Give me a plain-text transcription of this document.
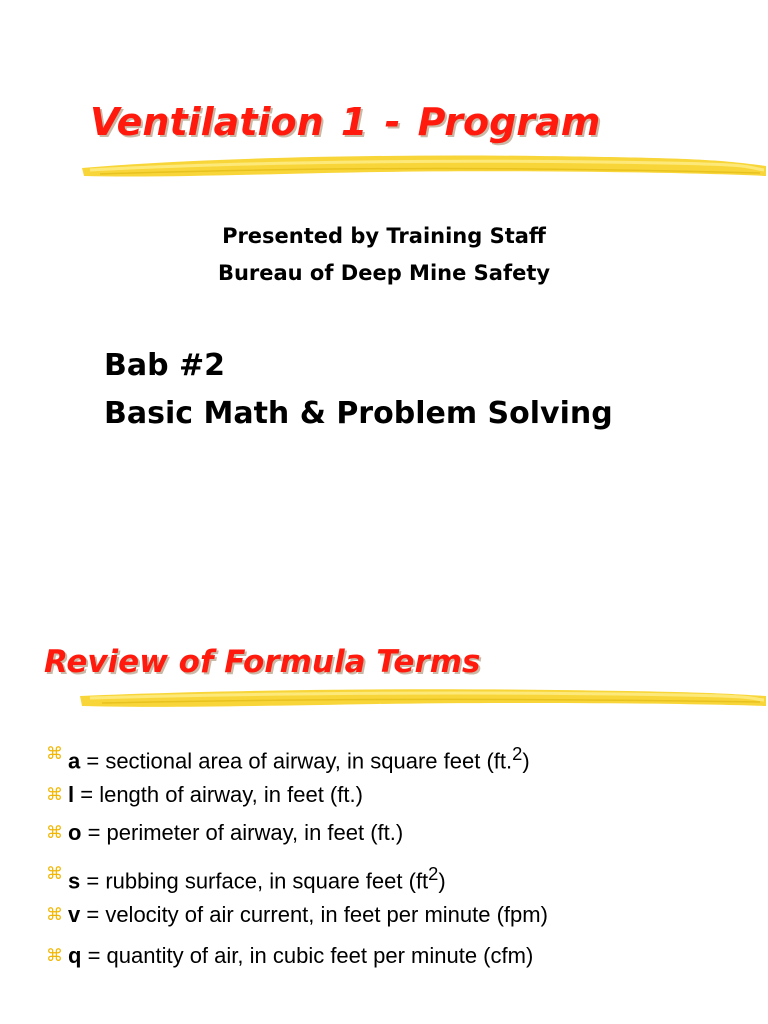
Ventilation 1 - Program

Presented by Training Staff

Bureau of Deep Mine Safety

Bab #2

Basic Math & Problem Solving

Review of Formula Terms
⌘ a = sectional area of airway, in square feet (ft.$^2$)
⌘ l = length of airway, in feet (ft.)
⌘ o = perimeter of airway, in feet (ft.)
⌘ s = rubbing surface, in square feet $(ft^2)$
⌘ v = velocity of air current, in feet per minute (fpm)
⌘ q = quantity of air, in cubic feet per minute (cfm)
